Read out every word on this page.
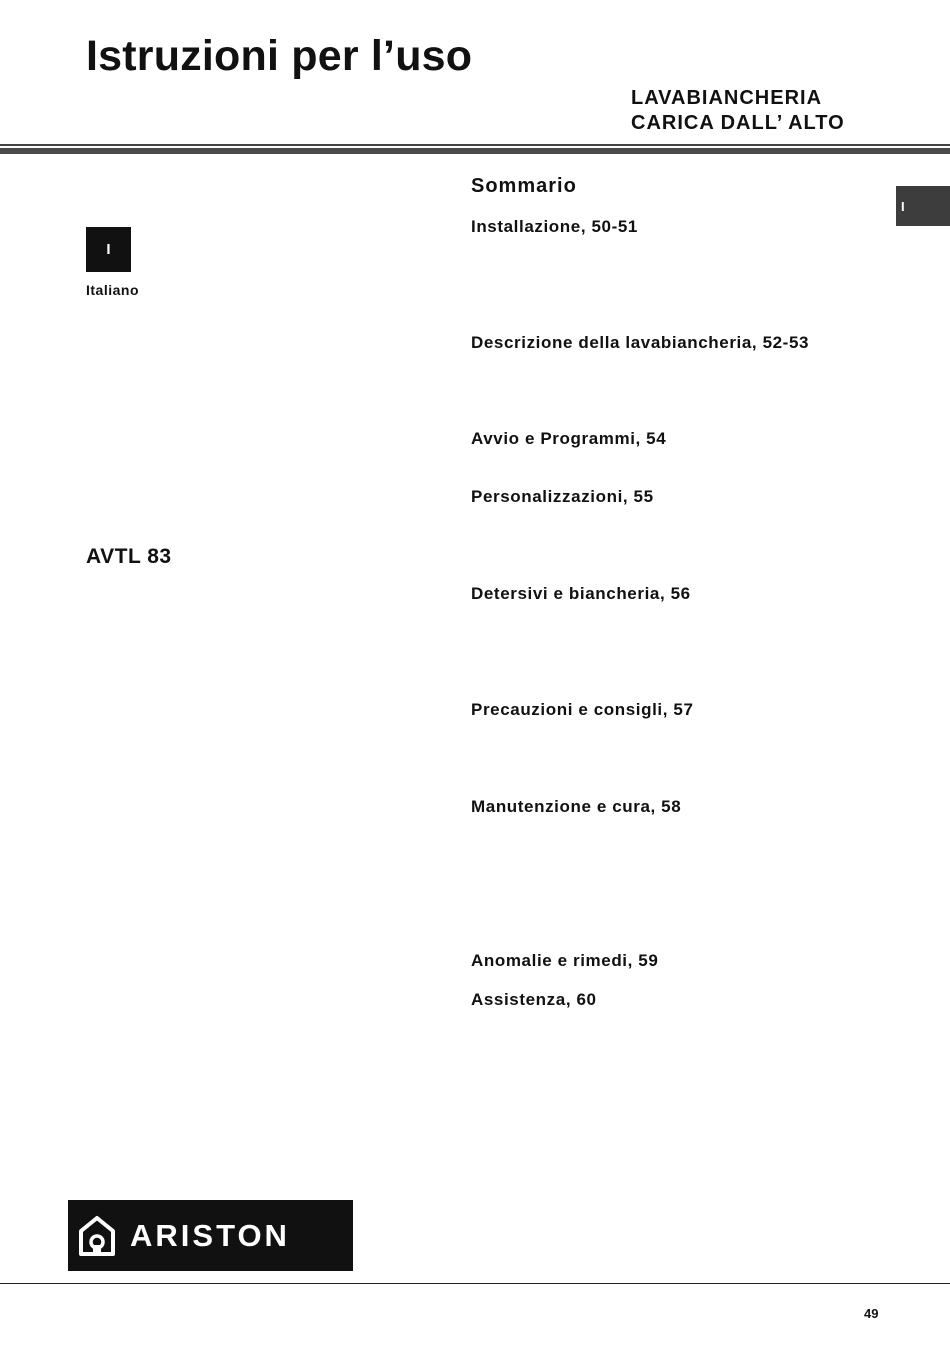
Istruzioni per l’uso
LAVABIANCHERIA
CARICA DALL’ ALTO
I
Italiano
AVTL 83
I
Sommario
Installazione, 50-51
Descrizione della lavabiancheria, 52-53
Avvio e Programmi, 54
Personalizzazioni, 55
Detersivi e biancheria, 56
Precauzioni e consigli, 57
Manutenzione e cura, 58
Anomalie e rimedi, 59
Assistenza, 60
ARISTON
49
